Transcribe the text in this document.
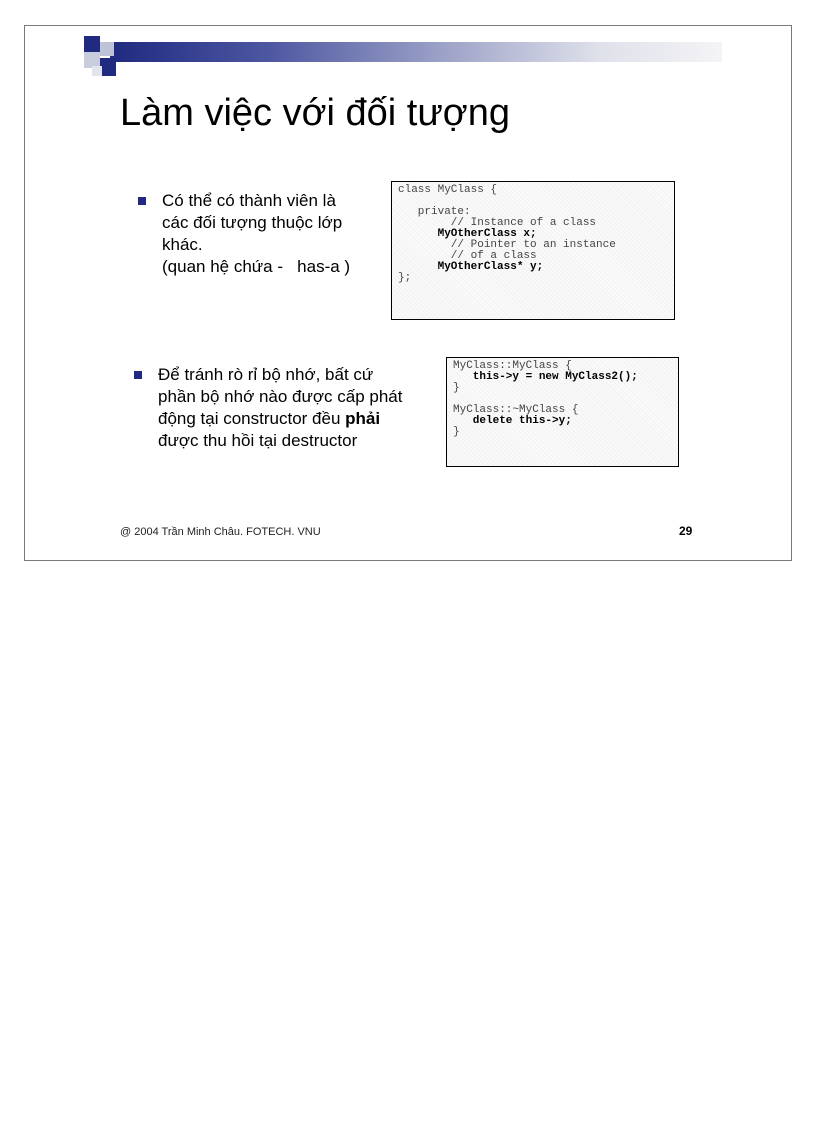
Làm việc với đối tượng
Có thể có thành viên là
các đối tượng thuộc lớp
khác.
(quan hệ chứa -   has-a )
class MyClass {
private:
// Instance of a class
MyOtherClass x;
// Pointer to an instance
// of a class
MyOtherClass* y;
};
Để tránh rò rỉ bộ nhớ, bất cứ
phần bộ nhớ nào được cấp phát
động tại constructor đều phải
được thu hồi tại destructor
MyClass::MyClass {
this->y = new MyClass2();
}
MyClass::~MyClass {
delete this->y;
}
@ 2004 Trần Minh Châu. FOTECH. VNU	29
